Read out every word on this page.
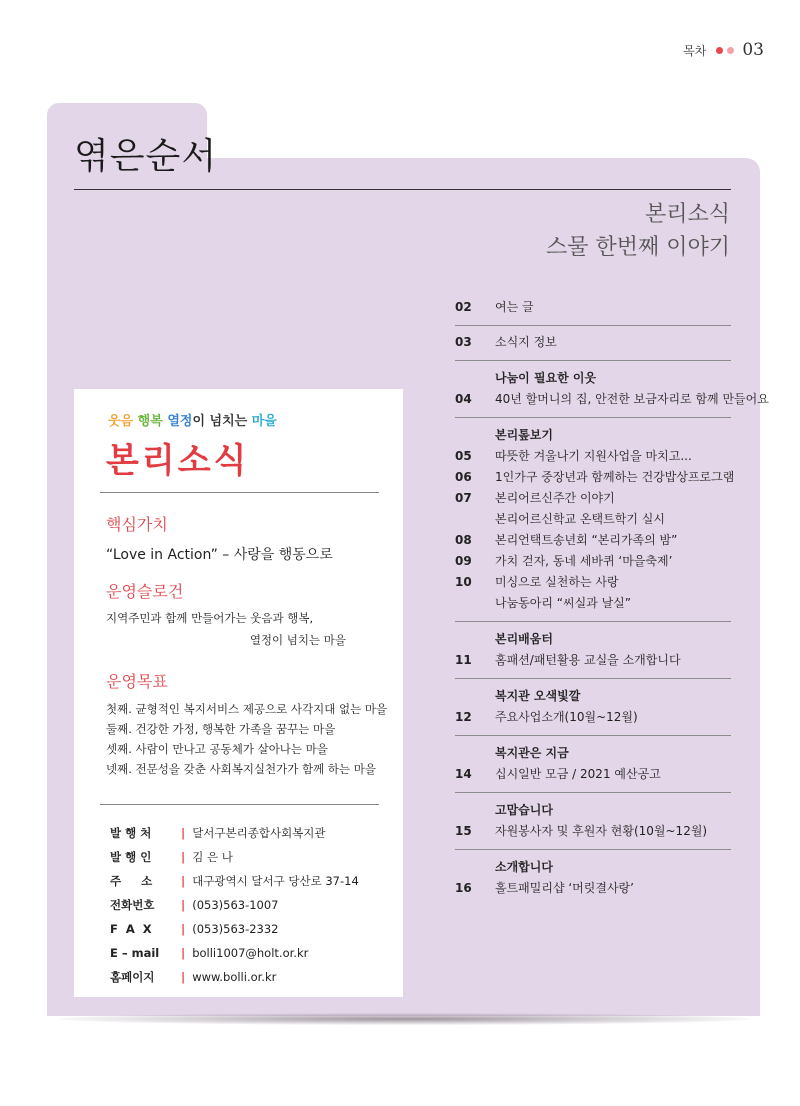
목차 03
엮은순서
본리소식
스물 한번째 이야기
02	여는 글
03	소식지 정보
나눔이 필요한 이웃
04	40년 할머니의 집, 안전한 보금자리로 함께 만들어요
본리톺보기
05	따뜻한 겨울나기 지원사업을 마치고...
06	1인가구 중장년과 함께하는 건강밥상프로그램
07	본리어르신주간 이야기
본리어르신학교 온택트학기 실시
08	본리언택트송년회 “본리가족의 밤”
09	가치 걷자, 동네 세바퀴 ‘마을축제’
10	미싱으로 실천하는 사랑
나눔동아리 “씨실과 날실”
본리배움터
11	홈패션/패턴활용 교실을 소개합니다
복지관 오색빛깔
12	주요사업소개(10월~12월)
복지관은 지금
14	십시일반 모금 / 2021 예산공고
고맙습니다
15	자원봉사자 및 후원자 현황(10월~12월)
소개합니다
16	홀트패밀리샵 ‘머릿결사랑’
웃음 행복 열정이 넘치는 마을
본리소식
핵심가치
“Love in Action” – 사랑을 행동으로
운영슬로건
지역주민과 함께 만들어가는 웃음과 행복,
열정이 넘치는 마을
운영목표
첫째. 균형적인 복지서비스 제공으로 사각지대 없는 마을
둘째. 건강한 가정, 행복한 가족을 꿈꾸는 마을
셋째. 사람이 만나고 공동체가 살아나는 마을
넷째. 전문성을 갖춘 사회복지실천가가 함께 하는 마을
발 행 처	| 달서구본리종합사회복지관
발 행 인	| 김 은 나
주     소	| 대구광역시 달서구 당산로 37-14
전화번호	| (053)563-1007
F  A  X	| (053)563-2332
E – mail	| bolli1007@holt.or.kr
홈페이지	| www.bolli.or.kr
